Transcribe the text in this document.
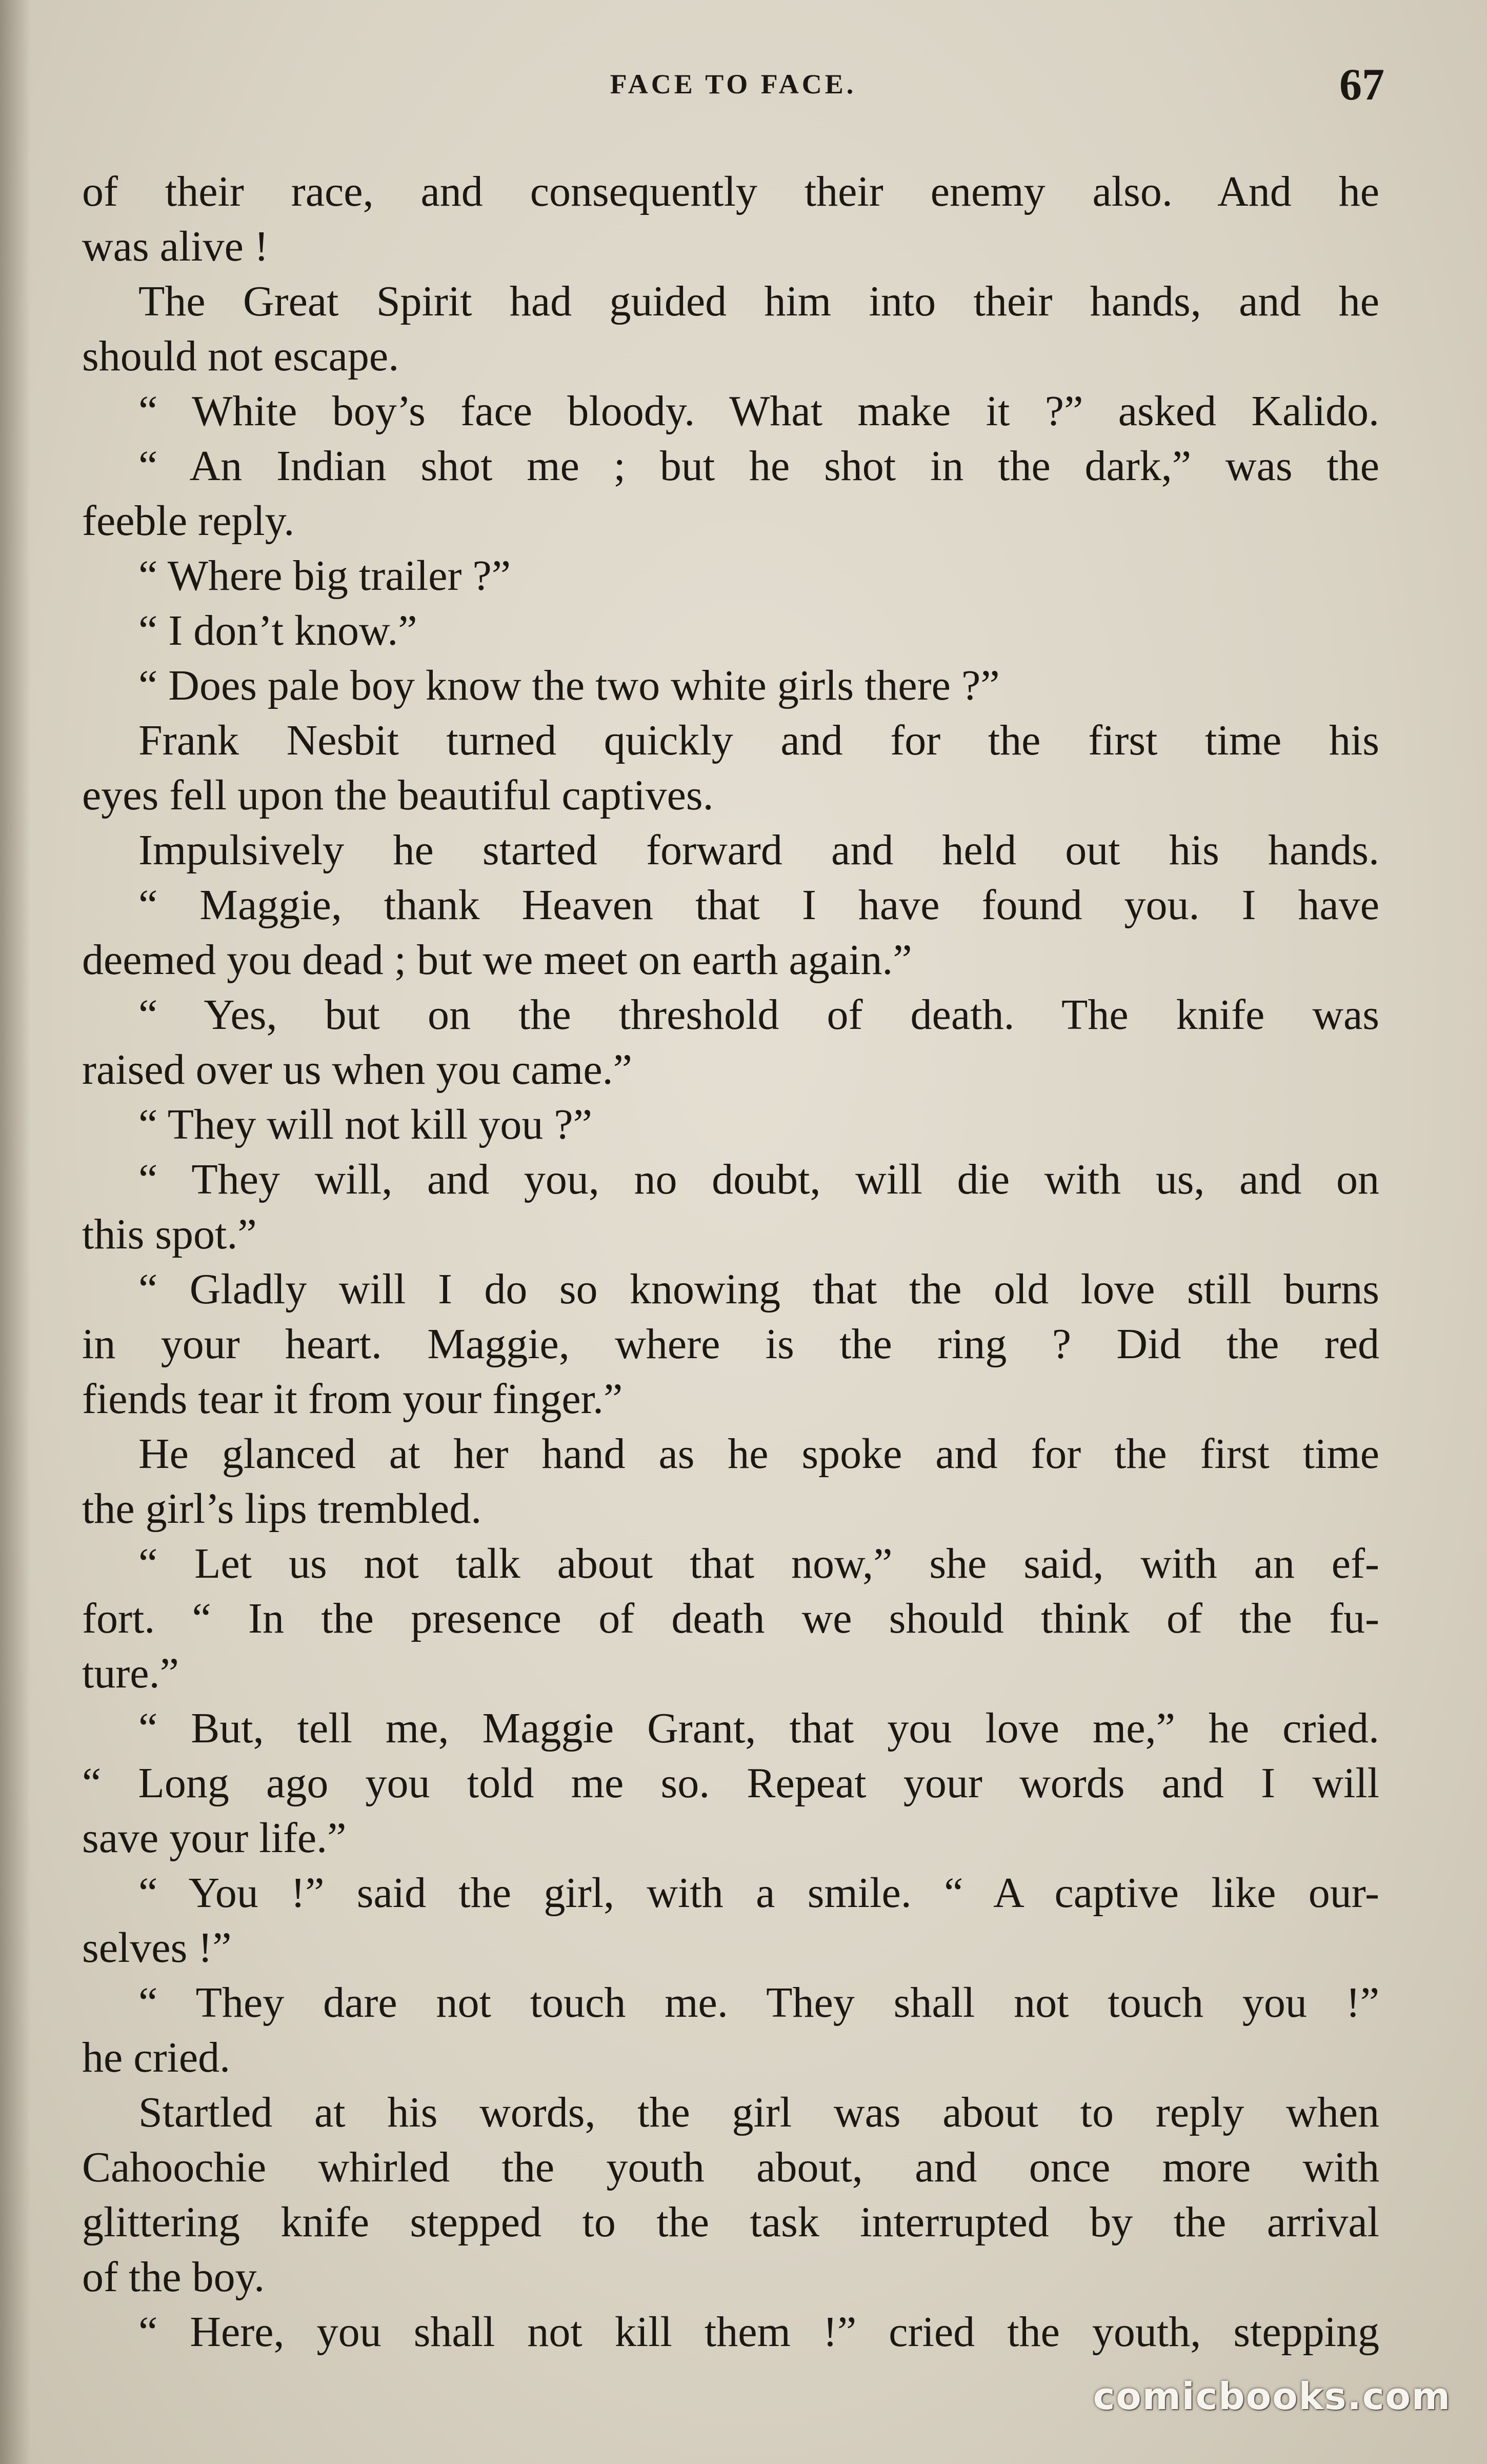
FACE TO FACE.	67
of their race, and consequently their enemy also. And he
was alive !
The Great Spirit had guided him into their hands, and he
should not escape.
“ White boy’s face bloody. What make it ?” asked Kalido.
“ An Indian shot me ; but he shot in the dark,” was the
feeble reply.
“ Where big trailer ?”
“ I don’t know.”
“ Does pale boy know the two white girls there ?”
Frank Nesbit turned quickly and for the first time his
eyes fell upon the beautiful captives.
Impulsively he started forward and held out his hands.
“ Maggie, thank Heaven that I have found you. I have
deemed you dead ; but we meet on earth again.”
“ Yes, but on the threshold of death. The knife was
raised over us when you came.”
“ They will not kill you ?”
“ They will, and you, no doubt, will die with us, and on
this spot.”
“ Gladly will I do so knowing that the old love still burns
in your heart. Maggie, where is the ring ? Did the red
fiends tear it from your finger.”
He glanced at her hand as he spoke and for the first time
the girl’s lips trembled.
“ Let us not talk about that now,” she said, with an ef-
fort. “ In the presence of death we should think of the fu-
ture.”
“ But, tell me, Maggie Grant, that you love me,” he cried.
“ Long ago you told me so. Repeat your words and I will
save your life.”
“ You !” said the girl, with a smile. “ A captive like our-
selves !”
“ They dare not touch me. They shall not touch you !”
he cried.
Startled at his words, the girl was about to reply when
Cahoochie whirled the youth about, and once more with
glittering knife stepped to the task interrupted by the arrival
of the boy.
“ Here, you shall not kill them !” cried the youth, stepping
comicbooks.com
